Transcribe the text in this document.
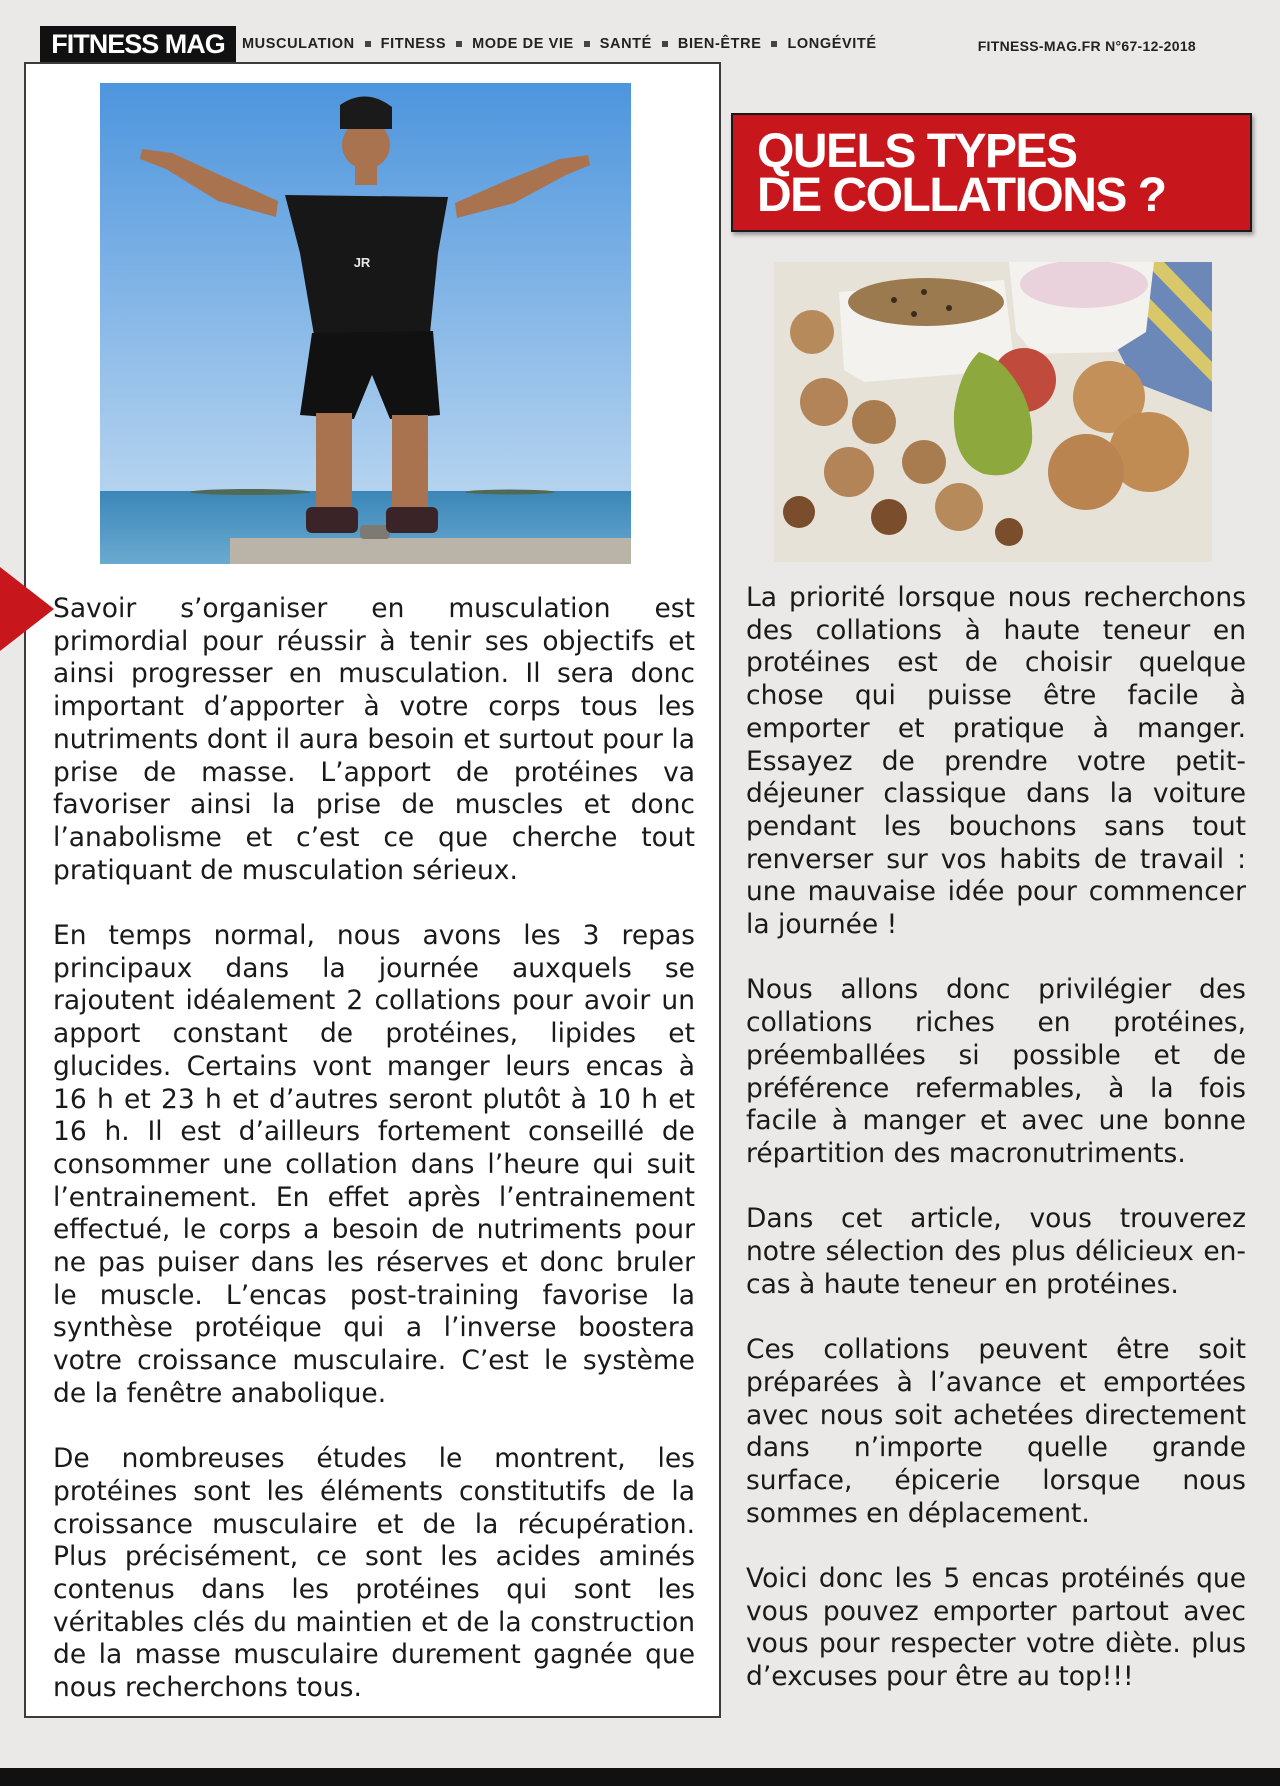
FITNESS MAG	MUSCULATION FITNESS MODE DE VIE SANTÉ BIEN-ÊTRE LONGÉVITÉ	FITNESS-MAG.FR N°67-12-2018
JR

Savoir s’organiser en musculation est primordial pour réussir à tenir ses objectifs et ainsi progresser en musculation. Il sera donc important d’apporter à votre corps tous les nutriments dont il aura besoin et surtout pour la prise de masse. L’apport de protéines va favoriser ainsi la prise de muscles et donc l’anabolisme et c’est ce que cherche tout pratiquant de musculation sérieux.

En temps normal, nous avons les 3 repas principaux dans la journée auxquels se rajoutent idéalement 2 collations pour avoir un apport constant de protéines, lipides et glucides. Certains vont manger leurs encas à 16 h et 23 h et d’autres seront plutôt à 10 h et 16 h. Il est d’ailleurs fortement conseillé de consommer une collation dans l’heure qui suit l’entrainement. En effet après l’entrainement effectué, le corps a besoin de nutriments pour ne pas puiser dans les réserves et donc bruler le muscle. L’encas post-training favorise la synthèse protéique qui a l’inverse boostera votre croissance musculaire. C’est le système de la fenêtre anabolique.

De nombreuses études le montrent, les protéines sont les éléments constitutifs de la croissance musculaire et de la récupération. Plus précisément, ce sont les acides aminés contenus dans les protéines qui sont les véritables clés du maintien et de la construction de la masse musculaire durement gagnée que nous recherchons tous.

QUELS TYPES
DE COLLATIONS ?

La priorité lorsque nous recherchons des collations à haute teneur en protéines est de choisir quelque chose qui puisse être facile à emporter et pratique à manger. Essayez de prendre votre petit-déjeuner classique dans la voiture pendant les bouchons sans tout renverser sur vos habits de travail : une mauvaise idée pour commencer la journée !

Nous allons donc privilégier des collations riches en protéines, préemballées si possible et de préférence refermables, à la fois facile à manger et avec une bonne répartition des macronutriments.

Dans cet article, vous trouverez notre sélection des plus délicieux en-cas à haute teneur en protéines.

Ces collations peuvent être soit préparées à l’avance et emportées avec nous soit achetées directement dans n’importe quelle grande surface, épicerie lorsque nous sommes en déplacement.

Voici donc les 5 encas protéinés que vous pouvez emporter partout avec vous pour respecter votre diète. plus d’excuses pour être au top!!!
